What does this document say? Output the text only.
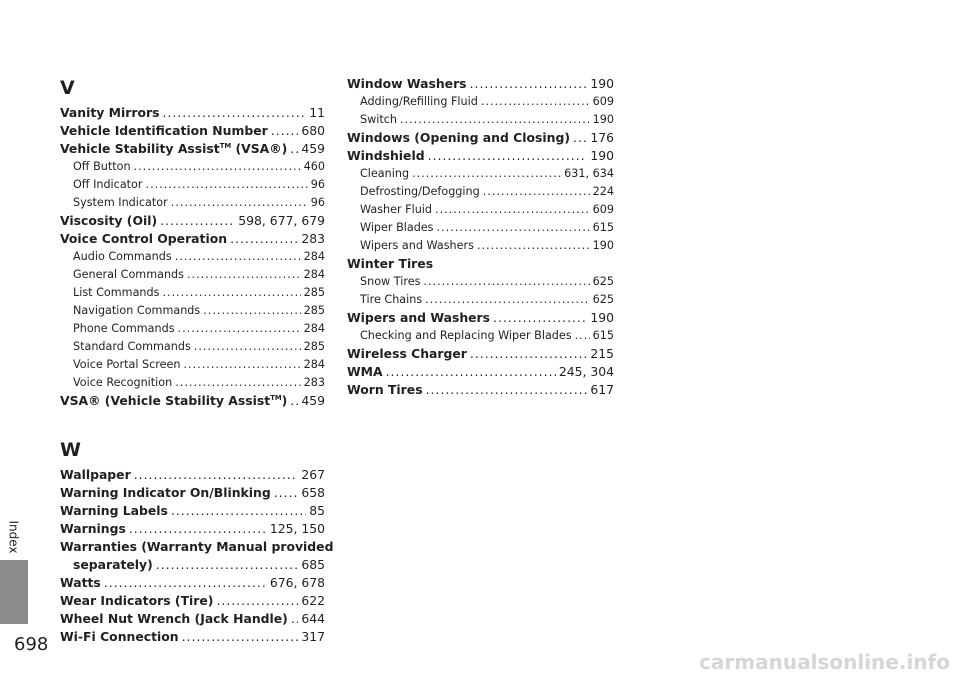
V
Vanity Mirrors .....	11
Vehicle Identification Number .....	680
Vehicle Stability Assist™ (VSA®) ..... 459
Off Button .....	460
Off Indicator .....	96
System Indicator .....	96
Viscosity (Oil) .....	598, 677, 679
Voice Control Operation .....	283
Audio Commands .....	284
General Commands .....	284
List Commands .....	285
Navigation Commands .....	285
Phone Commands .....	284
Standard Commands .....	285
Voice Portal Screen .....	284
Voice Recognition .....	283
VSA® (Vehicle Stability Assist™) ..... 459
W
Wallpaper .....	267
Warning Indicator On/Blinking ..... 658
Warning Labels .....	85
Warnings .....	125, 150
Warranties (Warranty Manual provided
separately) .....	685
Watts .....	676, 678
Wear Indicators (Tire) .....	622
Wheel Nut Wrench (Jack Handle) ..... 644
Wi-Fi Connection .....	317
Window Washers .....	190
Adding/Refilling Fluid .....	609
Switch .....	190
Windows (Opening and Closing) ..... 176
Windshield .....	190
Cleaning .....	631, 634
Defrosting/Defogging .....	224
Washer Fluid .....	609
Wiper Blades .....	615
Wipers and Washers .....	190
Winter Tires
Snow Tires .....	625
Tire Chains .....	625
Wipers and Washers .....	190
Checking and Replacing Wiper Blades ..... 615
Wireless Charger .....	215
WMA .....	245, 304
Worn Tires .....	617
Index
698
carmanualsonline.info
